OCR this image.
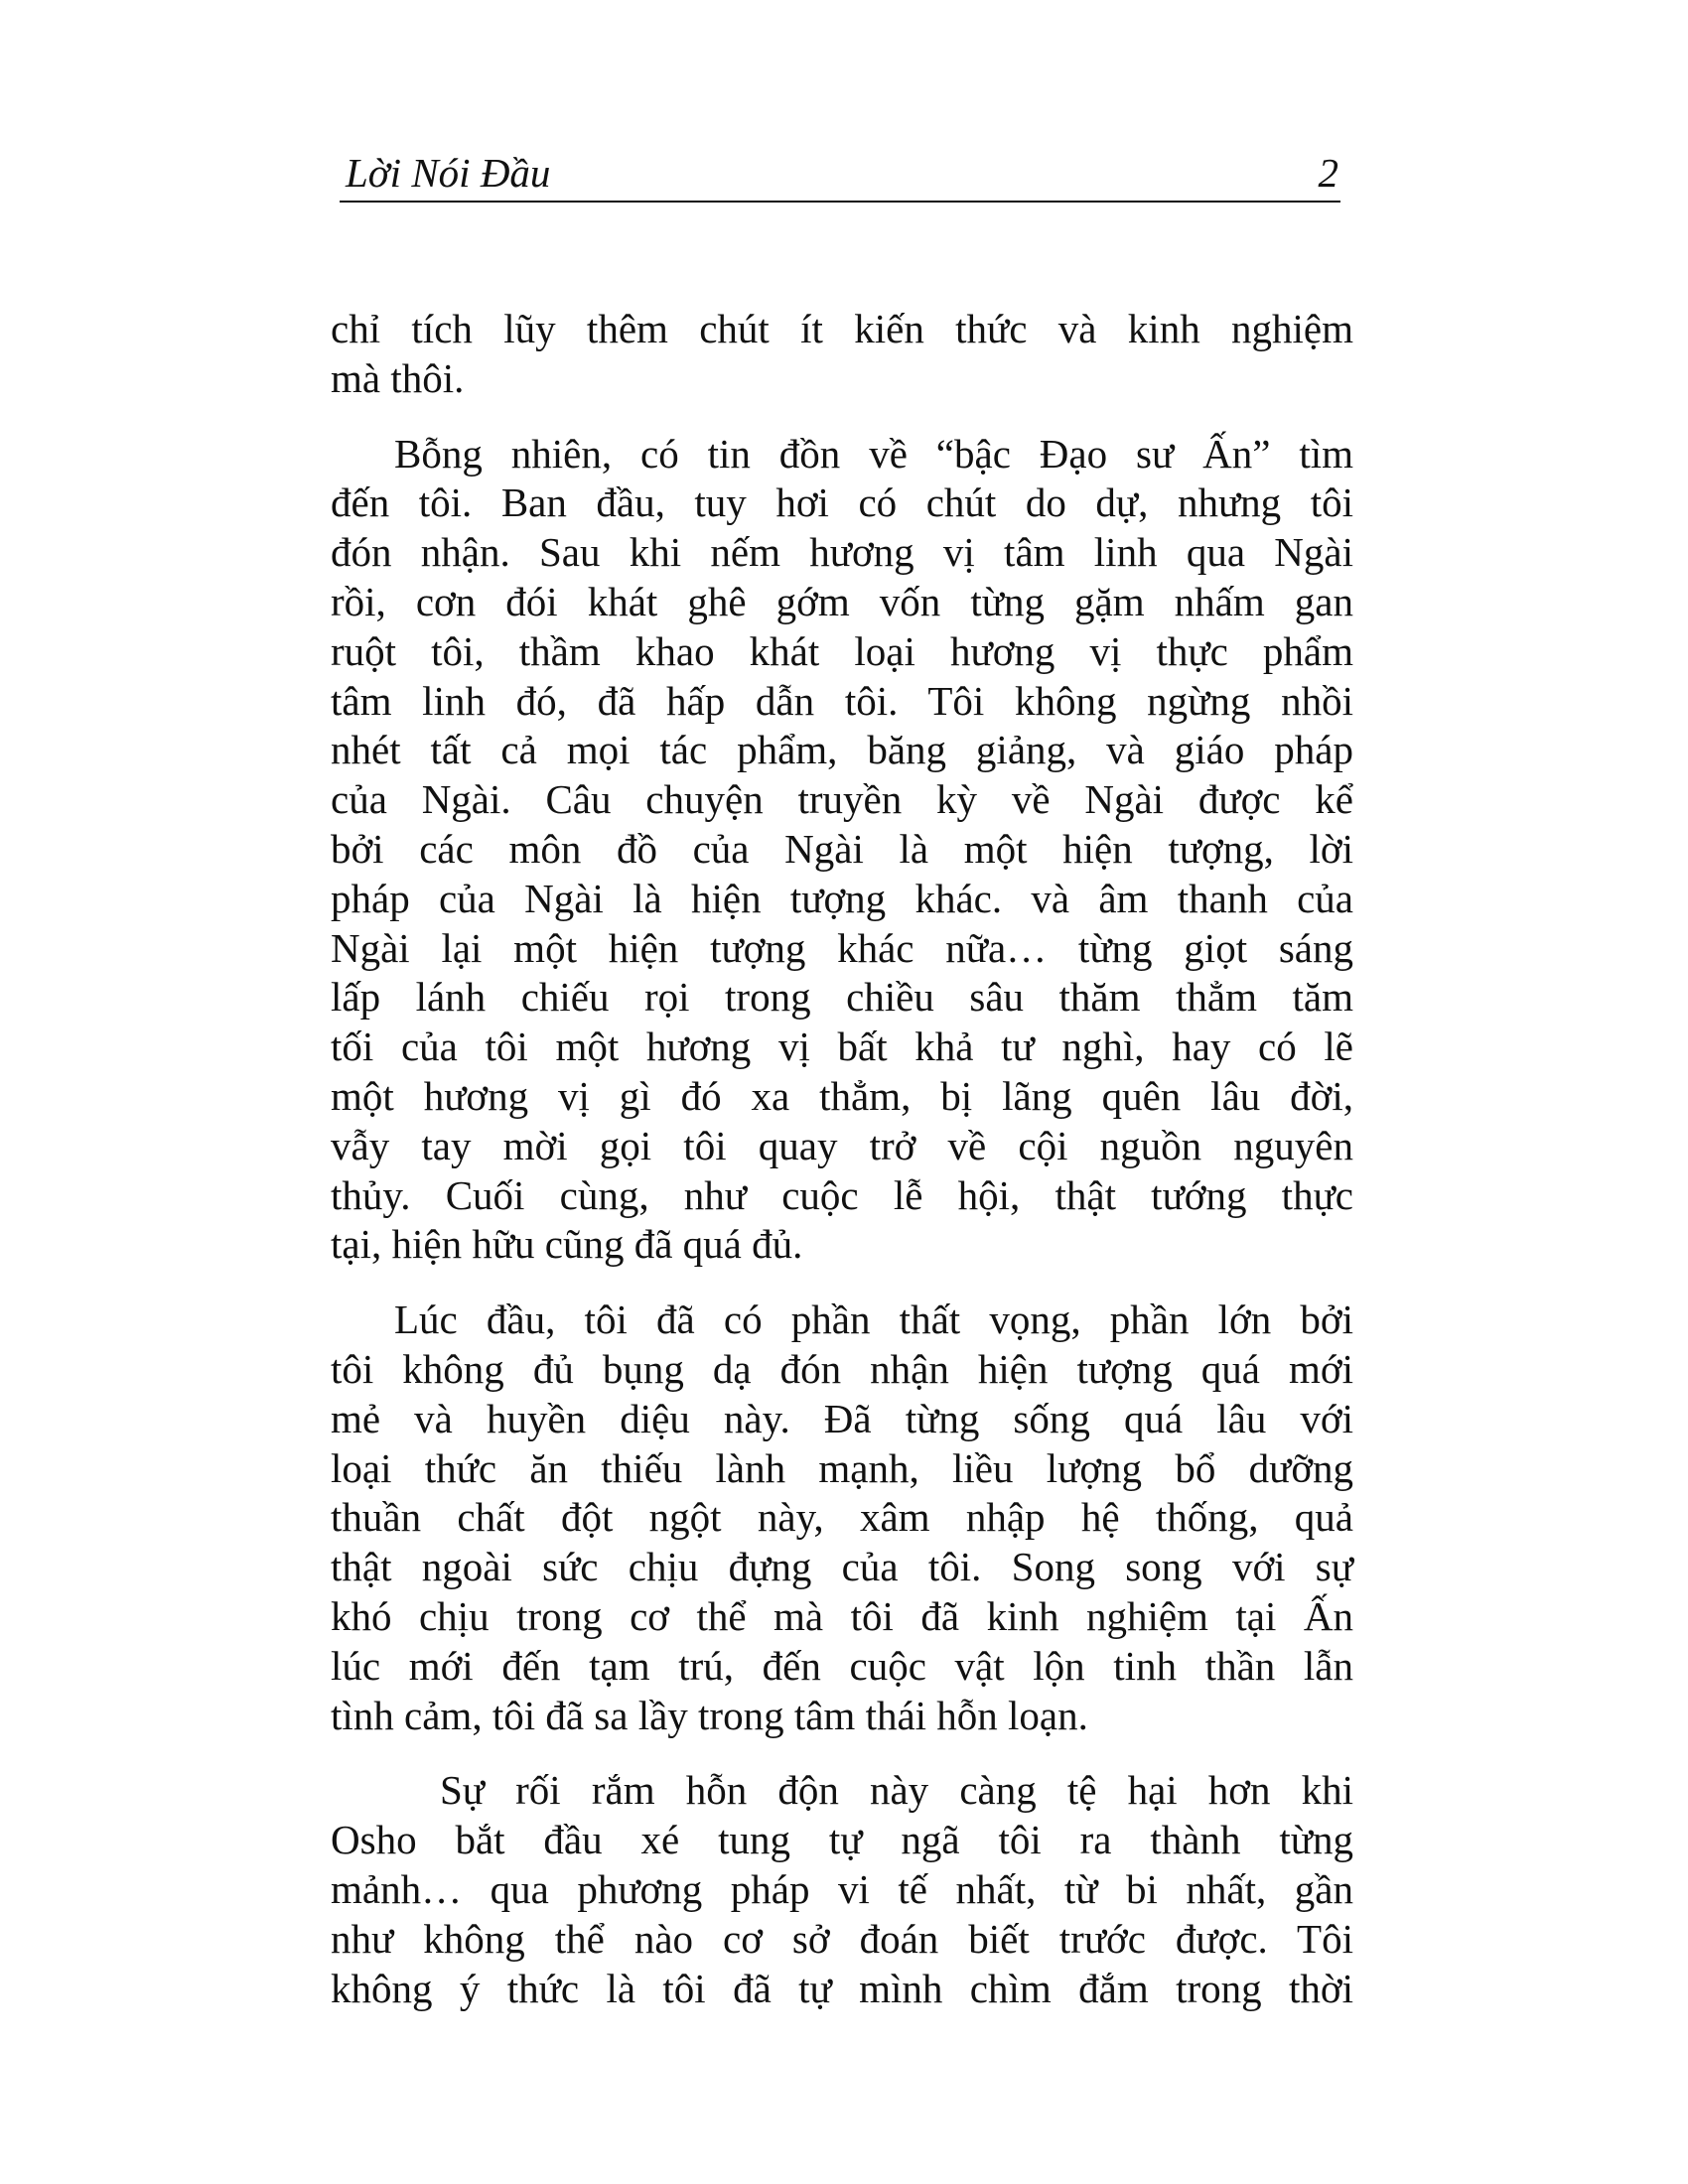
Lời Nói Đầu	2
chỉ tích lũy thêm chút ít kiến thức và kinh nghiệm
mà thôi.
Bỗng nhiên, có tin đồn về “bậc Đạo sư Ấn” tìm
đến tôi. Ban đầu, tuy hơi có chút do dự, nhưng tôi
đón nhận. Sau khi nếm hương vị tâm linh qua Ngài
rồi, cơn đói khát ghê gớm vốn từng gặm nhấm gan
ruột tôi, thầm khao khát loại hương vị thực phẩm
tâm linh đó, đã hấp dẫn tôi. Tôi không ngừng nhồi
nhét tất cả mọi tác phẩm, băng giảng, và giáo pháp
của Ngài. Câu chuyện truyền kỳ về Ngài được kể
bởi các môn đồ của Ngài là một hiện tượng, lời
pháp của Ngài là hiện tượng khác. và âm thanh của
Ngài lại một hiện tượng khác nữa… từng giọt sáng
lấp lánh chiếu rọi trong chiều sâu thăm thẳm tăm
tối của tôi một hương vị bất khả tư nghì, hay có lẽ
một hương vị gì đó xa thẳm, bị lãng quên lâu đời,
vẫy tay mời gọi tôi quay trở về cội nguồn nguyên
thủy. Cuối cùng, như cuộc lễ hội, thật tướng thực
tại, hiện hữu cũng đã quá đủ.
Lúc đầu, tôi đã có phần thất vọng, phần lớn bởi
tôi không đủ bụng dạ đón nhận hiện tượng quá mới
mẻ và huyền diệu này. Đã từng sống quá lâu với
loại thức ăn thiếu lành mạnh, liều lượng bổ dưỡng
thuần chất đột ngột này, xâm nhập hệ thống, quả
thật ngoài sức chịu đựng của tôi. Song song với sự
khó chịu trong cơ thể mà tôi đã kinh nghiệm tại Ấn
lúc mới đến tạm trú, đến cuộc vật lộn tinh thần lẫn
tình cảm, tôi đã sa lầy trong tâm thái hỗn loạn.
Sự rối rắm hỗn độn này càng tệ hại hơn khi
Osho bắt đầu xé tung tự ngã tôi ra thành từng
mảnh… qua phương pháp vi tế nhất, từ bi nhất, gần
như không thể nào cơ sở đoán biết trước được. Tôi
không ý thức là tôi đã tự mình chìm đắm trong thời
